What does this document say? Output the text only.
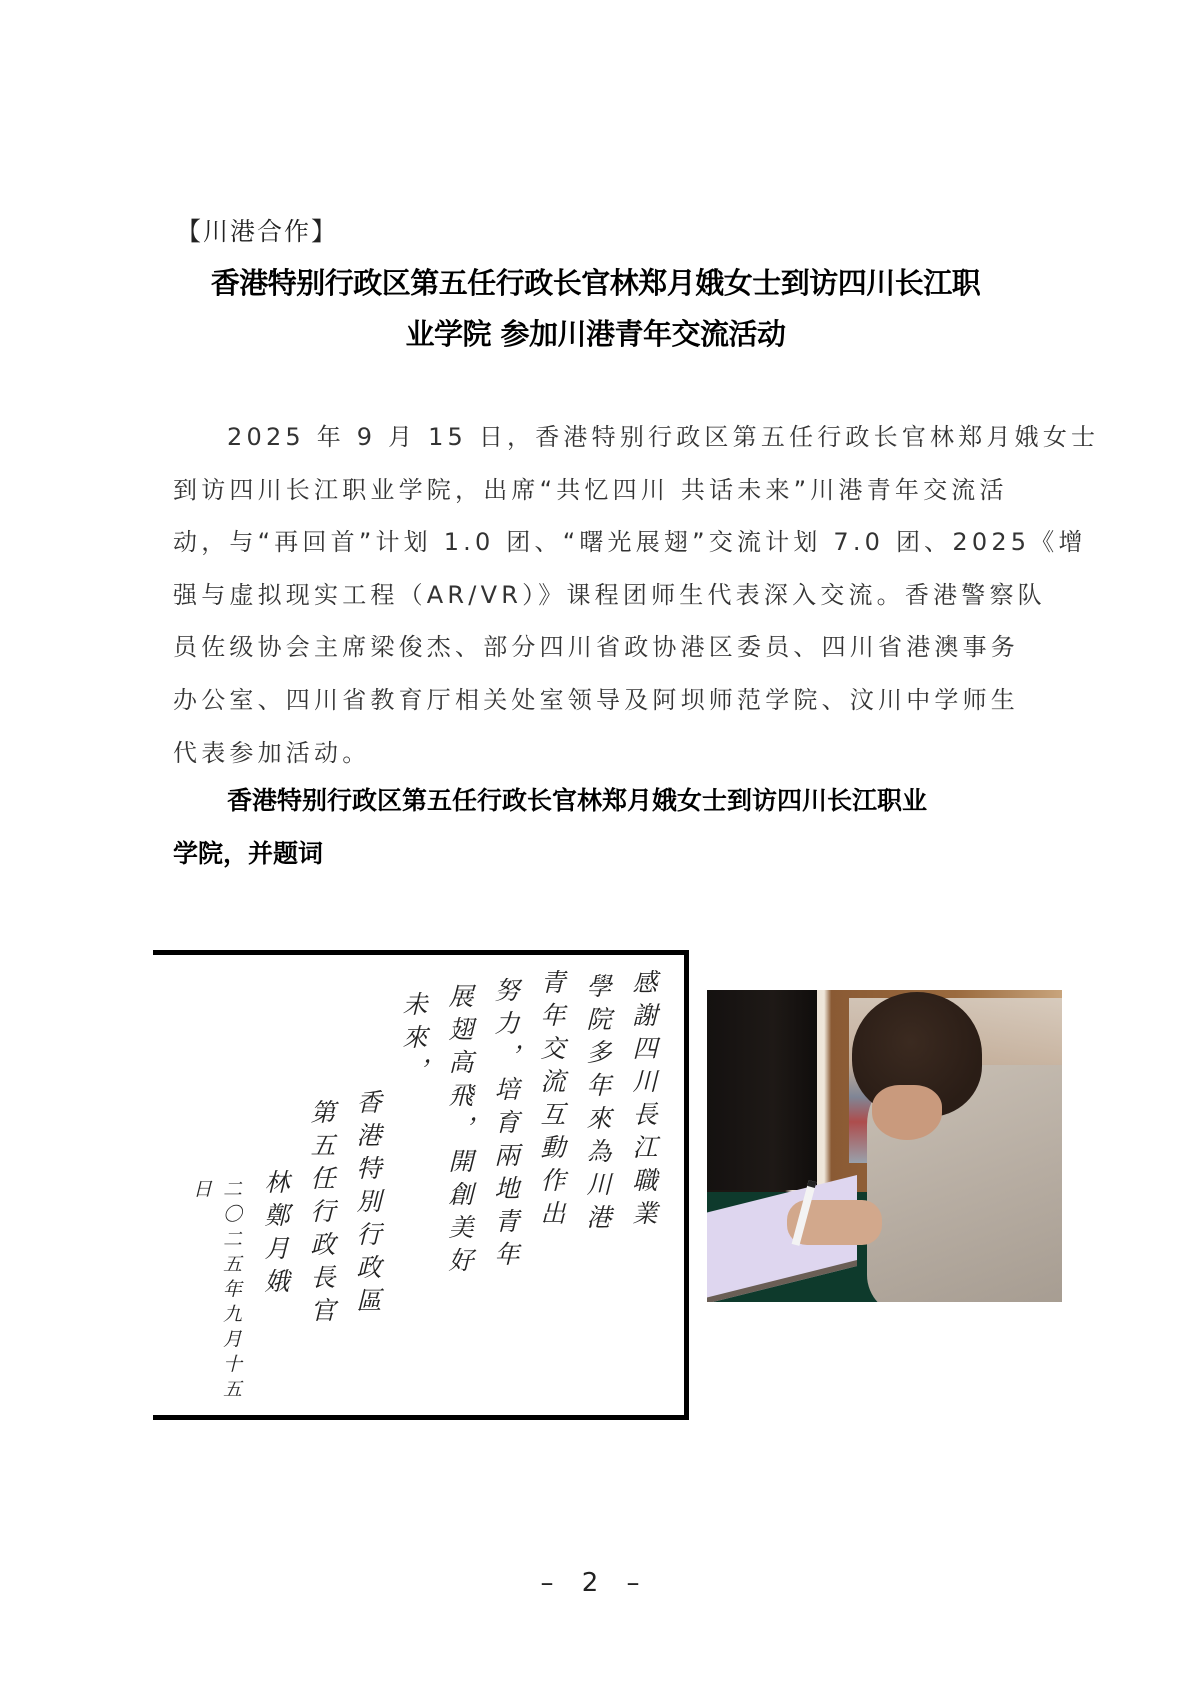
【川港合作】
香港特别行政区第五任行政长官林郑月娥女士到访四川长江职
业学院 参加川港青年交流活动
2025 年 9 月 15 日，香港特别行政区第五任行政长官林郑月娥女士
到访四川长江职业学院，出席“共忆四川 共话未来”川港青年交流活
动，与“再回首”计划 1.0 团、“曙光展翅”交流计划 7.0 团、2025《增
强与虚拟现实工程（AR/VR）》课程团师生代表深入交流。香港警察队
员佐级协会主席梁俊杰、部分四川省政协港区委员、四川省港澳事务
办公室、四川省教育厅相关处室领导及阿坝师范学院、汶川中学师生
代表参加活动。
香港特别行政区第五任行政长官林郑月娥女士到访四川长江职业
学院，并题词
感謝四川長江職業
學院多年來為川港
青年交流互動作出
努力，培育兩地青年
展翅高飛，開創美好
未來，
香港特別行政區
第五任行政長官
林鄭月娥
二〇二五年九月十五日
– 2 –
